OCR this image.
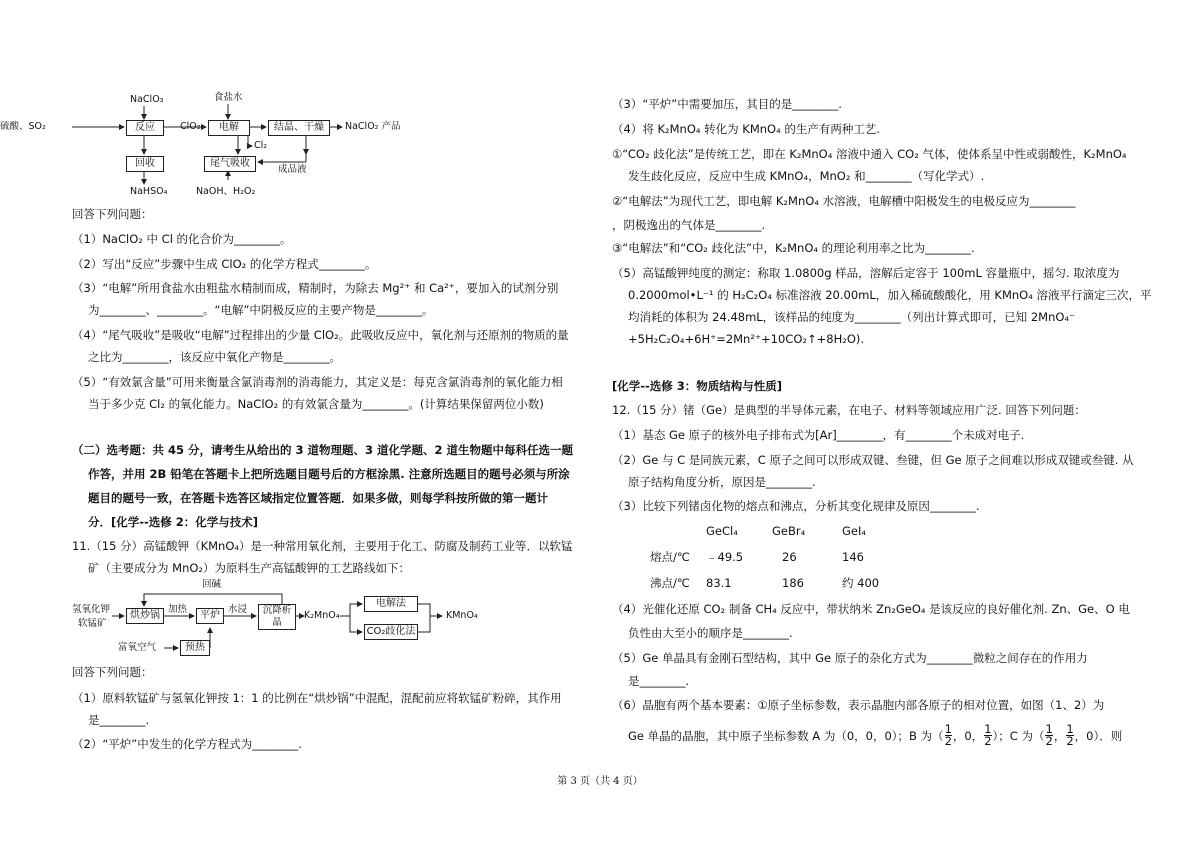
硫酸、SO₂
NaClO₃
反应	ClO₂
食盐水
电解	结晶、干燥	NaClO₂ 产品
Cl₂
回收
NaHSO₄
尾气吸收
NaOH、H₂O₂
成品液
回答下列问题：
（1）NaClO₂ 中 Cl 的化合价为________。
（2）写出“反应”步骤中生成 ClO₂ 的化学方程式________。
（3）“电解”所用食盐水由粗盐水精制而成，精制时，为除去 Mg²⁺ 和 Ca²⁺，要加入的试剂分别
为________、________。“电解”中阴极反应的主要产物是________。
（4）“尾气吸收”是吸收“电解”过程排出的少量 ClO₂。此吸收反应中，氧化剂与还原剂的物质的量
之比为________，该反应中氧化产物是________。
（5）“有效氯含量”可用来衡量含氯消毒剂的消毒能力，其定义是：每克含氯消毒剂的氧化能力相
当于多少克 Cl₂ 的氧化能力。NaClO₂ 的有效氯含量为________。(计算结果保留两位小数)
（二）选考题：共 45 分，请考生从给出的 3 道物理题、3 道化学题、2 道生物题中每科任选一题
作答，并用 2B 铅笔在答题卡上把所选题目题号后的方框涂黑. 注意所选题目的题号必须与所涂
题目的题号一致，在答题卡选答区域指定位置答题．如果多做，则每学科按所做的第一题计
分．[化学--选修 2：化学与技术]
11.（15 分）高锰酸钾（KMnO₄）是一种常用氧化剂，主要用于化工、防腐及制药工业等．以软锰
矿（主要成分为 MnO₂）为原料生产高锰酸钾的工艺路线如下：
回碱
氢氧化钾
软锰矿
烘炒锅
加热
平炉
水浸	沉降析晶
K₂MnO₄
电解法
CO₂歧化法
KMnO₄
富氧空气	预热
回答下列问题：
（1）原料软锰矿与氢氧化钾按 1：1 的比例在“烘炒锅”中混配，混配前应将软锰矿粉碎，其作用
是________.
（2）“平炉”中发生的化学方程式为________.
（3）“平炉”中需要加压，其目的是________.
（4）将 K₂MnO₄ 转化为 KMnO₄ 的生产有两种工艺.
①“CO₂ 歧化法”是传统工艺，即在 K₂MnO₄ 溶液中通入 CO₂ 气体，使体系呈中性或弱酸性，K₂MnO₄
发生歧化反应，反应中生成 KMnO₄，MnO₂ 和________（写化学式）.
②“电解法”为现代工艺，即电解 K₂MnO₄ 水溶液，电解槽中阳极发生的电极反应为________
，阴极逸出的气体是________.
③“电解法”和“CO₂ 歧化法”中，K₂MnO₄ 的理论利用率之比为________.
（5）高锰酸钾纯度的测定：称取 1.0800g 样品，溶解后定容于 100mL 容量瓶中，摇匀. 取浓度为
0.2000mol•L⁻¹ 的 H₂C₂O₄ 标准溶液 20.00mL，加入稀硫酸酸化，用 KMnO₄ 溶液平行滴定三次，平
均消耗的体积为 24.48mL，该样品的纯度为________（列出计算式即可，已知 2MnO₄⁻
+5H₂C₂O₄+6H⁺=2Mn²⁺+10CO₂↑+8H₂O).
[化学--选修 3：物质结构与性质]
12.（15 分）锗（Ge）是典型的半导体元素，在电子、材料等领域应用广泛. 回答下列问题：
（1）基态 Ge 原子的核外电子排布式为[Ar]________，有________个未成对电子.
（2）Ge 与 C 是同族元素，C 原子之间可以形成双键、叁键，但 Ge 原子之间难以形成双键或叁键. 从
原子结构角度分析，原因是________.
（3）比较下列锗卤化物的熔点和沸点，分析其变化规律及原因________.
	GeCl₄	GeBr₄	GeI₄
熔点/℃	﹣49.5	26	146
沸点/℃	83.1	186	约 400
（4）光催化还原 CO₂ 制备 CH₄ 反应中，带状纳米 Zn₂GeO₄ 是该反应的良好催化剂. Zn、Ge、O 电
负性由大至小的顺序是________.
（5）Ge 单晶具有金刚石型结构，其中 Ge 原子的杂化方式为________微粒之间存在的作用力
是________.
（6）晶胞有两个基本要素：①原子坐标参数，表示晶胞内部各原子的相对位置，如图（1、2）为
Ge 单晶的晶胞，其中原子坐标参数 A 为（0，0，0）；B 为（ $\frac{1}{2}$ ，0， $\frac{1}{2}$ ）；C 为（ $\frac{1}{2}$ ， $\frac{1}{2}$ ，0）．则
第 3 页（共 4 页）
